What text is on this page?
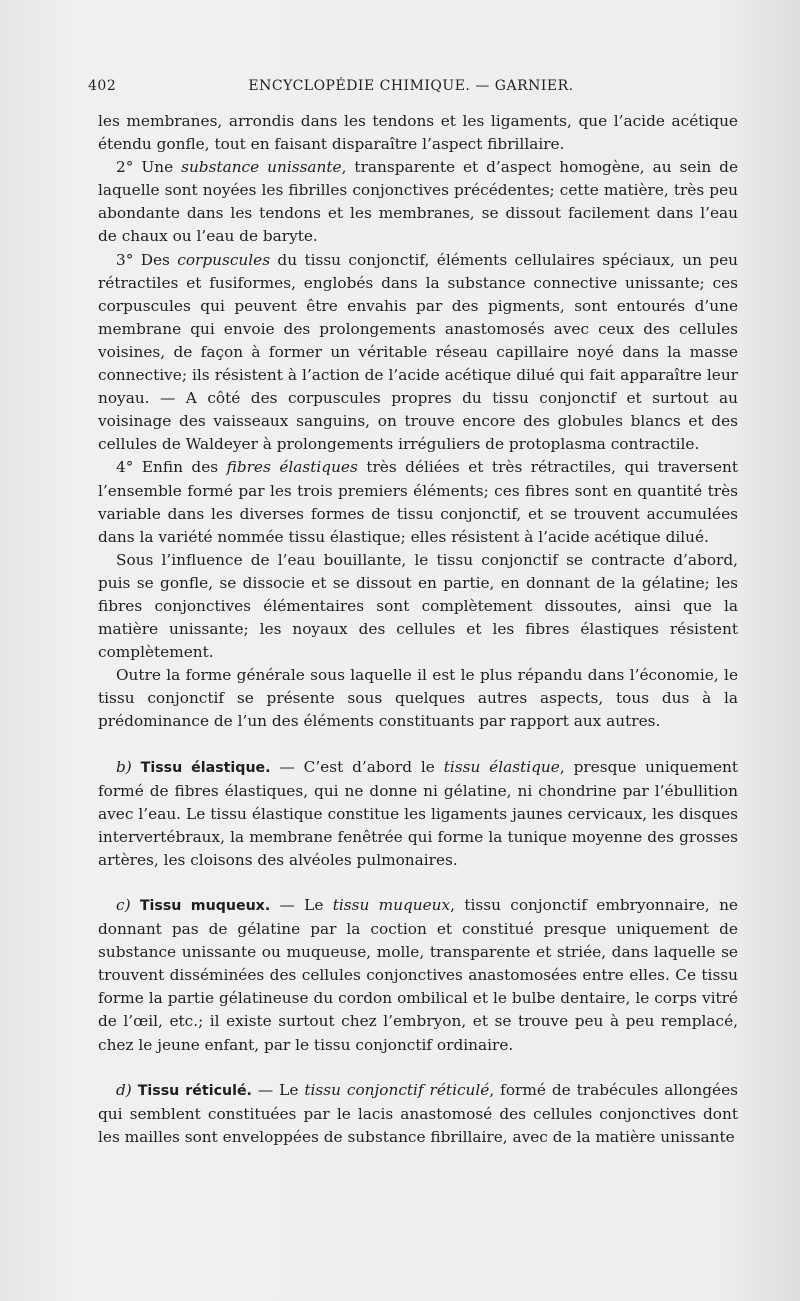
402	ENCYCLOPÉDIE CHIMIQUE. — GARNIER.

les membranes, arrondis dans les tendons et les ligaments, que l’acide acétique étendu gonfle, tout en faisant disparaître l’aspect fibrillaire.

2° Une substance unissante, transparente et d’aspect homogène, au sein de laquelle sont noyées les fibrilles conjonctives précédentes; cette matière, très peu abondante dans les tendons et les membranes, se dissout facilement dans l’eau de chaux ou l’eau de baryte.

3° Des corpuscules du tissu conjonctif, éléments cellulaires spéciaux, un peu rétractiles et fusiformes, englobés dans la substance connective unissante; ces corpuscules qui peuvent être envahis par des pigments, sont entourés d’une membrane qui envoie des prolongements anastomosés avec ceux des cellules voisines, de façon à former un véritable réseau capillaire noyé dans la masse connective; ils résistent à l’action de l’acide acétique dilué qui fait apparaître leur noyau. — A côté des corpuscules propres du tissu conjonctif et surtout au voisinage des vaisseaux sanguins, on trouve encore des globules blancs et des cellules de Waldeyer à prolongements irréguliers de protoplasma contractile.

4° Enfin des fibres élastiques très déliées et très rétractiles, qui traversent l’ensemble formé par les trois premiers éléments; ces fibres sont en quantité très variable dans les diverses formes de tissu conjonctif, et se trouvent accumulées dans la variété nommée tissu élastique; elles résistent à l’acide acétique dilué.

Sous l’influence de l’eau bouillante, le tissu conjonctif se contracte d’abord, puis se gonfle, se dissocie et se dissout en partie, en donnant de la gélatine; les fibres conjonctives élémentaires sont complètement dissoutes, ainsi que la matière unissante; les noyaux des cellules et les fibres élastiques résistent complètement.

Outre la forme générale sous laquelle il est le plus répandu dans l’économie, le tissu conjonctif se présente sous quelques autres aspects, tous dus à la prédominance de l’un des éléments constituants par rapport aux autres.

b) Tissu élastique. — C’est d’abord le tissu élastique, presque uniquement formé de fibres élastiques, qui ne donne ni gélatine, ni chondrine par l’ébullition avec l’eau. Le tissu élastique constitue les ligaments jaunes cervicaux, les disques intervertébraux, la membrane fenêtrée qui forme la tunique moyenne des grosses artères, les cloisons des alvéoles pulmonaires.

c) Tissu muqueux. — Le tissu muqueux, tissu conjonctif embryonnaire, ne donnant pas de gélatine par la coction et constitué presque uniquement de substance unissante ou muqueuse, molle, transparente et striée, dans laquelle se trouvent disséminées des cellules conjonctives anastomosées entre elles. Ce tissu forme la partie gélatineuse du cordon ombilical et le bulbe dentaire, le corps vitré de l’œil, etc.; il existe surtout chez l’embryon, et se trouve peu à peu remplacé, chez le jeune enfant, par le tissu conjonctif ordinaire.

d) Tissu réticulé. — Le tissu conjonctif réticulé, formé de trabécules allongées qui semblent constituées par le lacis anastomosé des cellules conjonctives dont les mailles sont enveloppées de substance fibrillaire, avec de la matière unissante
